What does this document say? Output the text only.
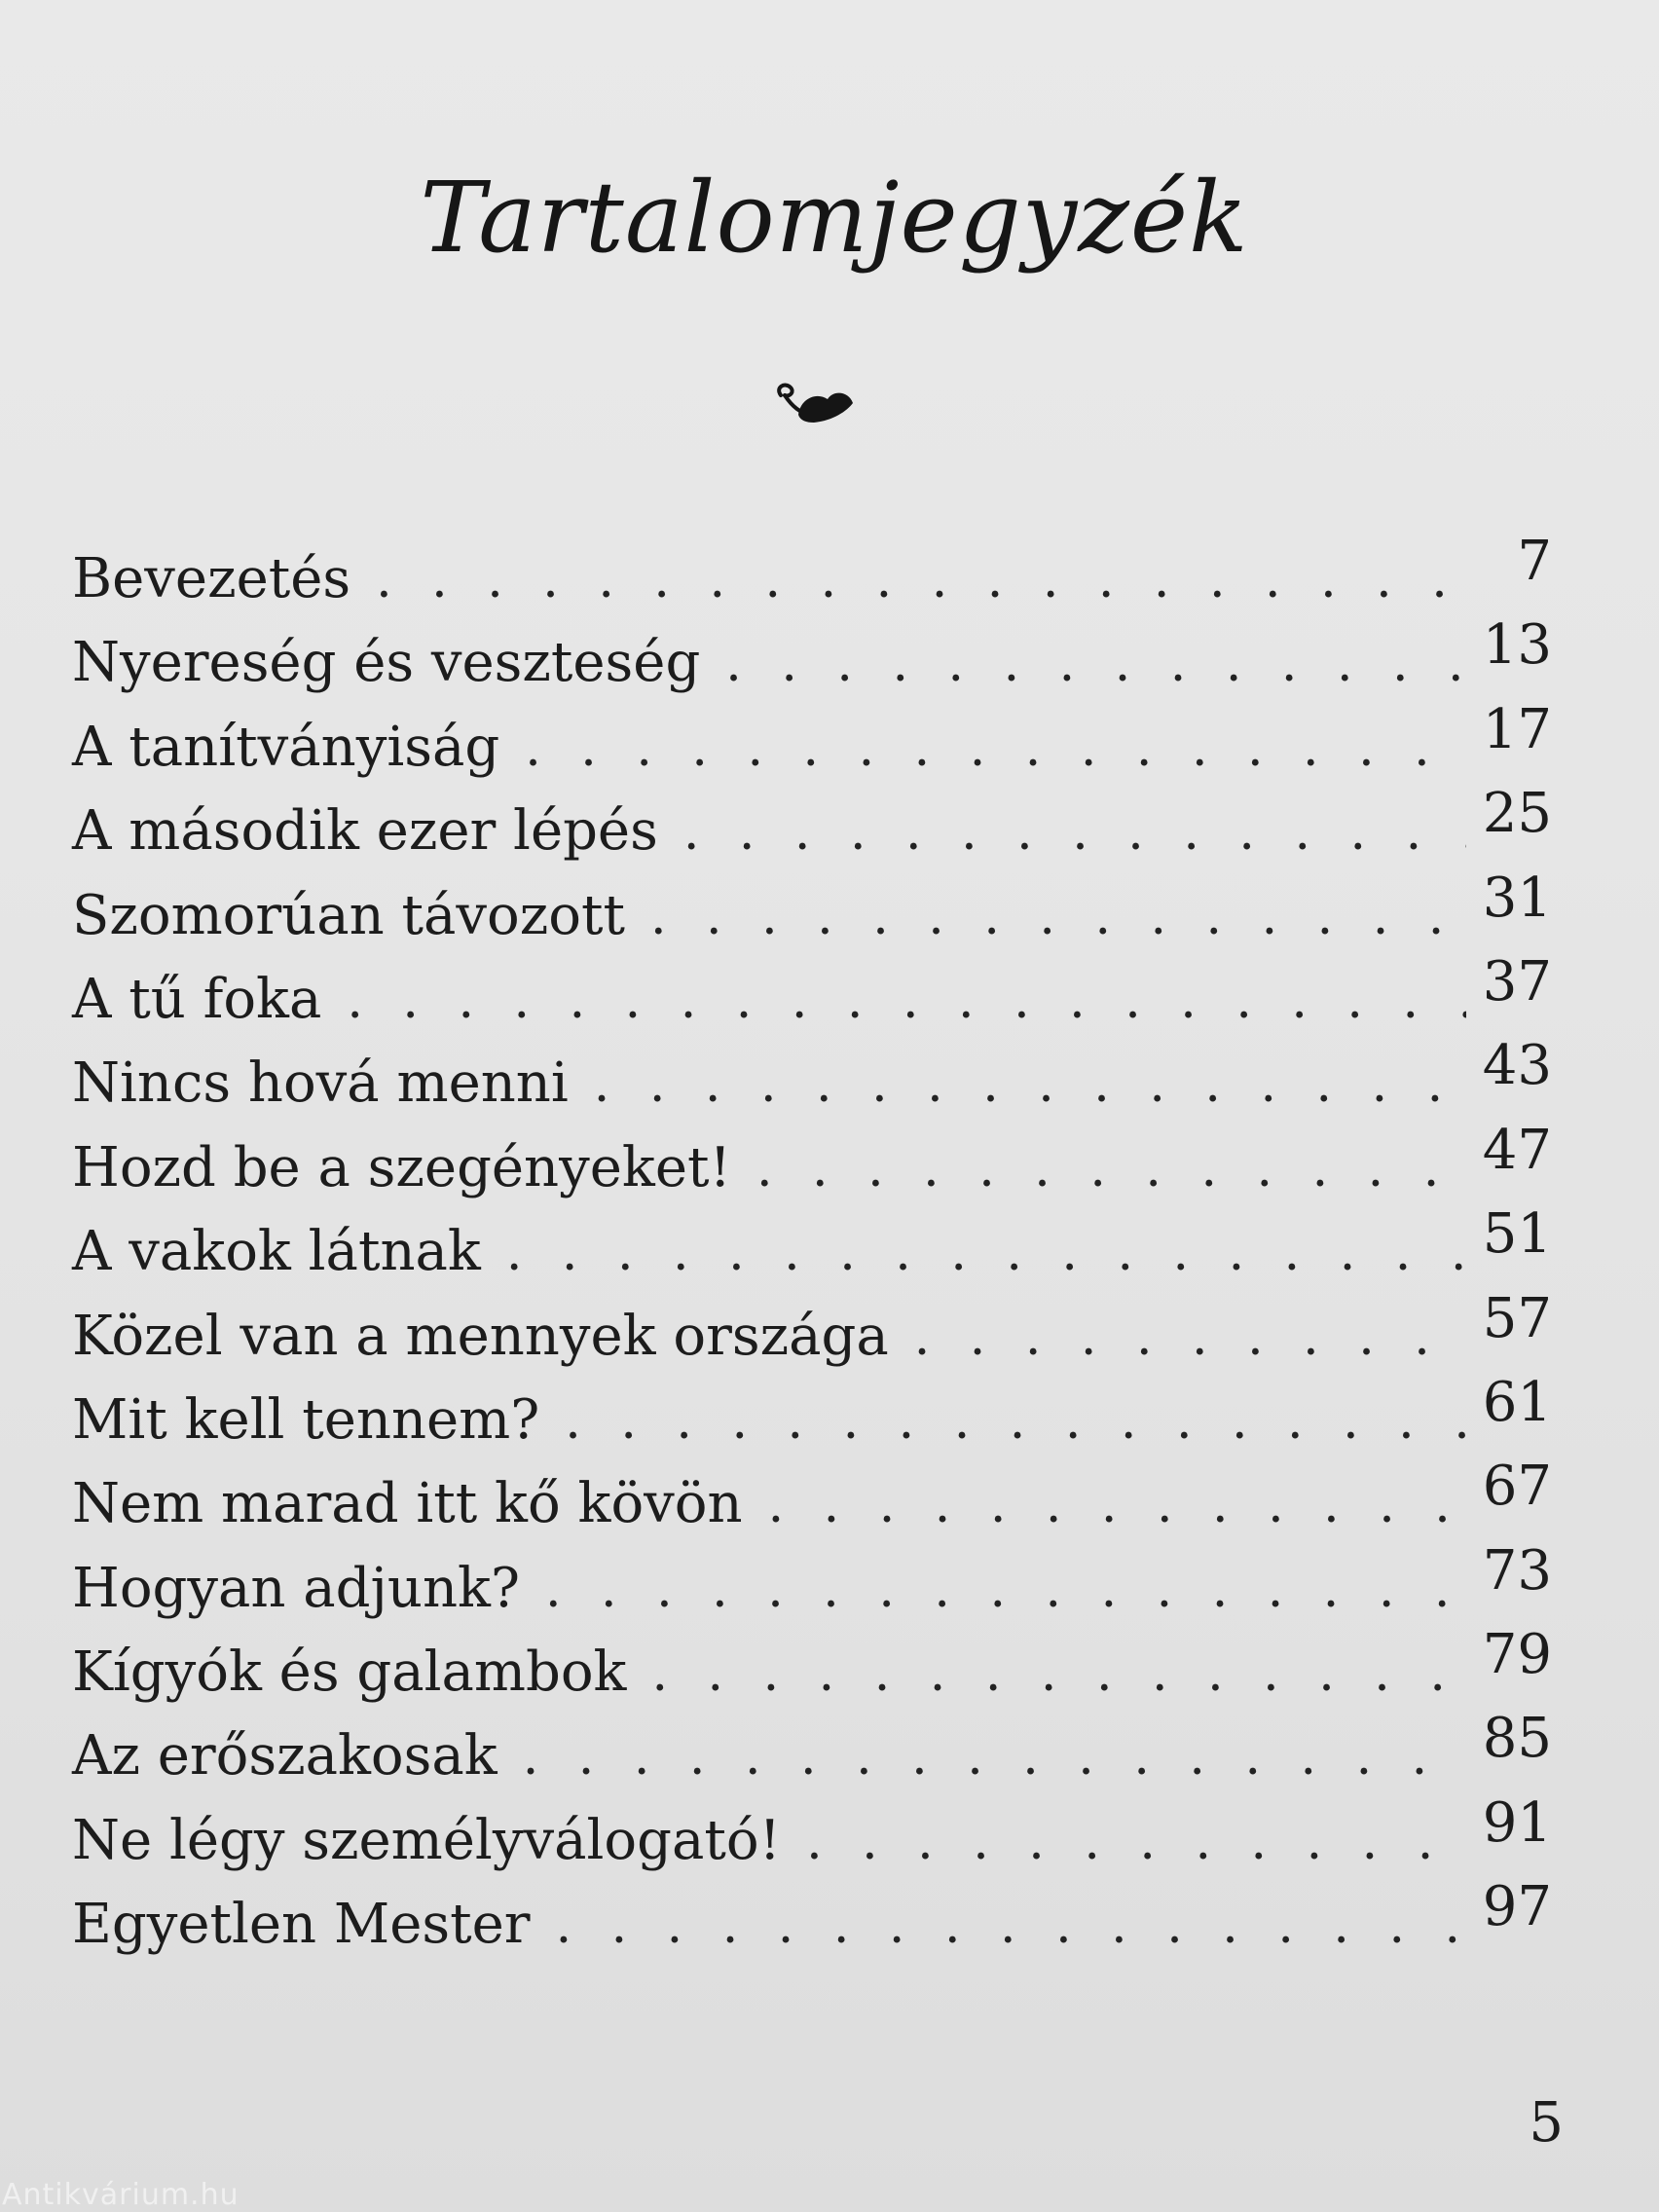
Tartalomjegyzék
Bevezetés . . .	7
Nyereség és veszteség . . .	13
A tanítványiság . . .	17
A második ezer lépés . . .	25
Szomorúan távozott . . .	31
A tű foka . . .	37
Nincs hová menni . . .	43
Hozd be a szegényeket! . . .	47
A vakok látnak . . .	51
Közel van a mennyek országa . . .	57
Mit kell tennem? . . .	61
Nem marad itt kő kövön . . .	67
Hogyan adjunk? . . .	73
Kígyók és galambok . . .	79
Az erőszakosak . . .	85
Ne légy személyválogató! . . .	91
Egyetlen Mester . . .	97
5
Antikvárium.hu
